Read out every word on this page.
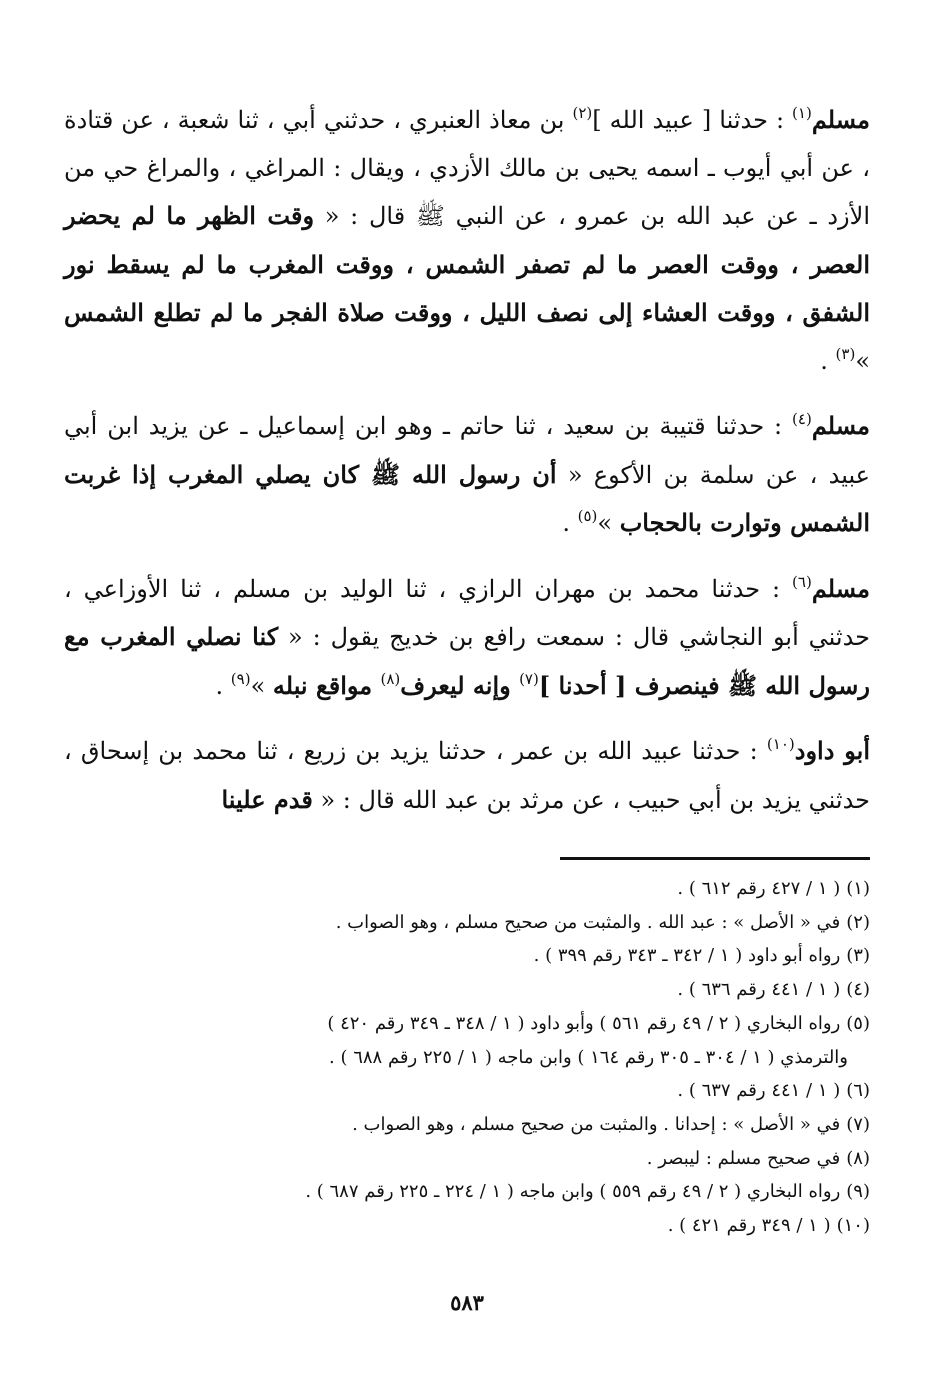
مسلم$^{(١)}$ : حدثنا [ عبيد الله ]$^{(٢)}$ بن معاذ العنبري ، حدثني أبي ، ثنا شعبة ، عن قتادة ، عن أبي أيوب ـ اسمه يحيى بن مالك الأزدي ، ويقال : المراغي ، والمراغ حي من الأزد ـ عن عبد الله بن عمرو ، عن النبي ﷺ قال : « وقت الظهر ما لم يحضر العصر ، ووقت العصر ما لم تصفر الشمس ، ووقت المغرب ما لم يسقط نور الشفق ، ووقت العشاء إلى نصف الليل ، ووقت صلاة الفجر ما لم تطلع الشمس »$^{(٣)}$ .

مسلم$^{(٤)}$ : حدثنا قتيبة بن سعيد ، ثنا حاتم ـ وهو ابن إسماعيل ـ عن يزيد ابن أبي عبيد ، عن سلمة بن الأكوع « أن رسول الله ﷺ كان يصلي المغرب إذا غربت الشمس وتوارت بالحجاب »$^{(٥)}$ .

مسلم$^{(٦)}$ : حدثنا محمد بن مهران الرازي ، ثنا الوليد بن مسلم ، ثنا الأوزاعي ، حدثني أبو النجاشي قال : سمعت رافع بن خديج يقول : « كنا نصلي المغرب مع رسول الله ﷺ فينصرف [ أحدنا ]$^{(٧)}$ وإنه ليعرف$^{(٨)}$ مواقع نبله »$^{(٩)}$ .

أبو داود$^{(١٠)}$ : حدثنا عبيد الله بن عمر ، حدثنا يزيد بن زريع ، ثنا محمد بن إسحاق ، حدثني يزيد بن أبي حبيب ، عن مرثد بن عبد الله قال : « قدم علينا

(١)( ١ / ٤٢٧ رقم ٦١٢ ) .

(٢)في « الأصل » : عبد الله . والمثبت من صحيح مسلم ، وهو الصواب .

(٣)رواه أبو داود ( ١ / ٣٤٢ ـ ٣٤٣ رقم ٣٩٩ ) .

(٤)( ١ / ٤٤١ رقم ٦٣٦ ) .

(٥)رواه البخاري ( ٢ / ٤٩ رقم ٥٦١ ) وأبو داود ( ١ / ٣٤٨ ـ ٣٤٩ رقم ٤٢٠ )

والترمذي ( ١ / ٣٠٤ ـ ٣٠٥ رقم ١٦٤ ) وابن ماجه ( ١ / ٢٢٥ رقم ٦٨٨ ) .

(٦)( ١ / ٤٤١ رقم ٦٣٧ ) .

(٧)في « الأصل » : إحدانا . والمثبت من صحيح مسلم ، وهو الصواب .

(٨)في صحيح مسلم : ليبصر .

(٩)رواه البخاري ( ٢ / ٤٩ رقم ٥٥٩ ) وابن ماجه ( ١ / ٢٢٤ ـ ٢٢٥ رقم ٦٨٧ ) .

(١٠)( ١ / ٣٤٩ رقم ٤٢١ ) .

٥٨٣
